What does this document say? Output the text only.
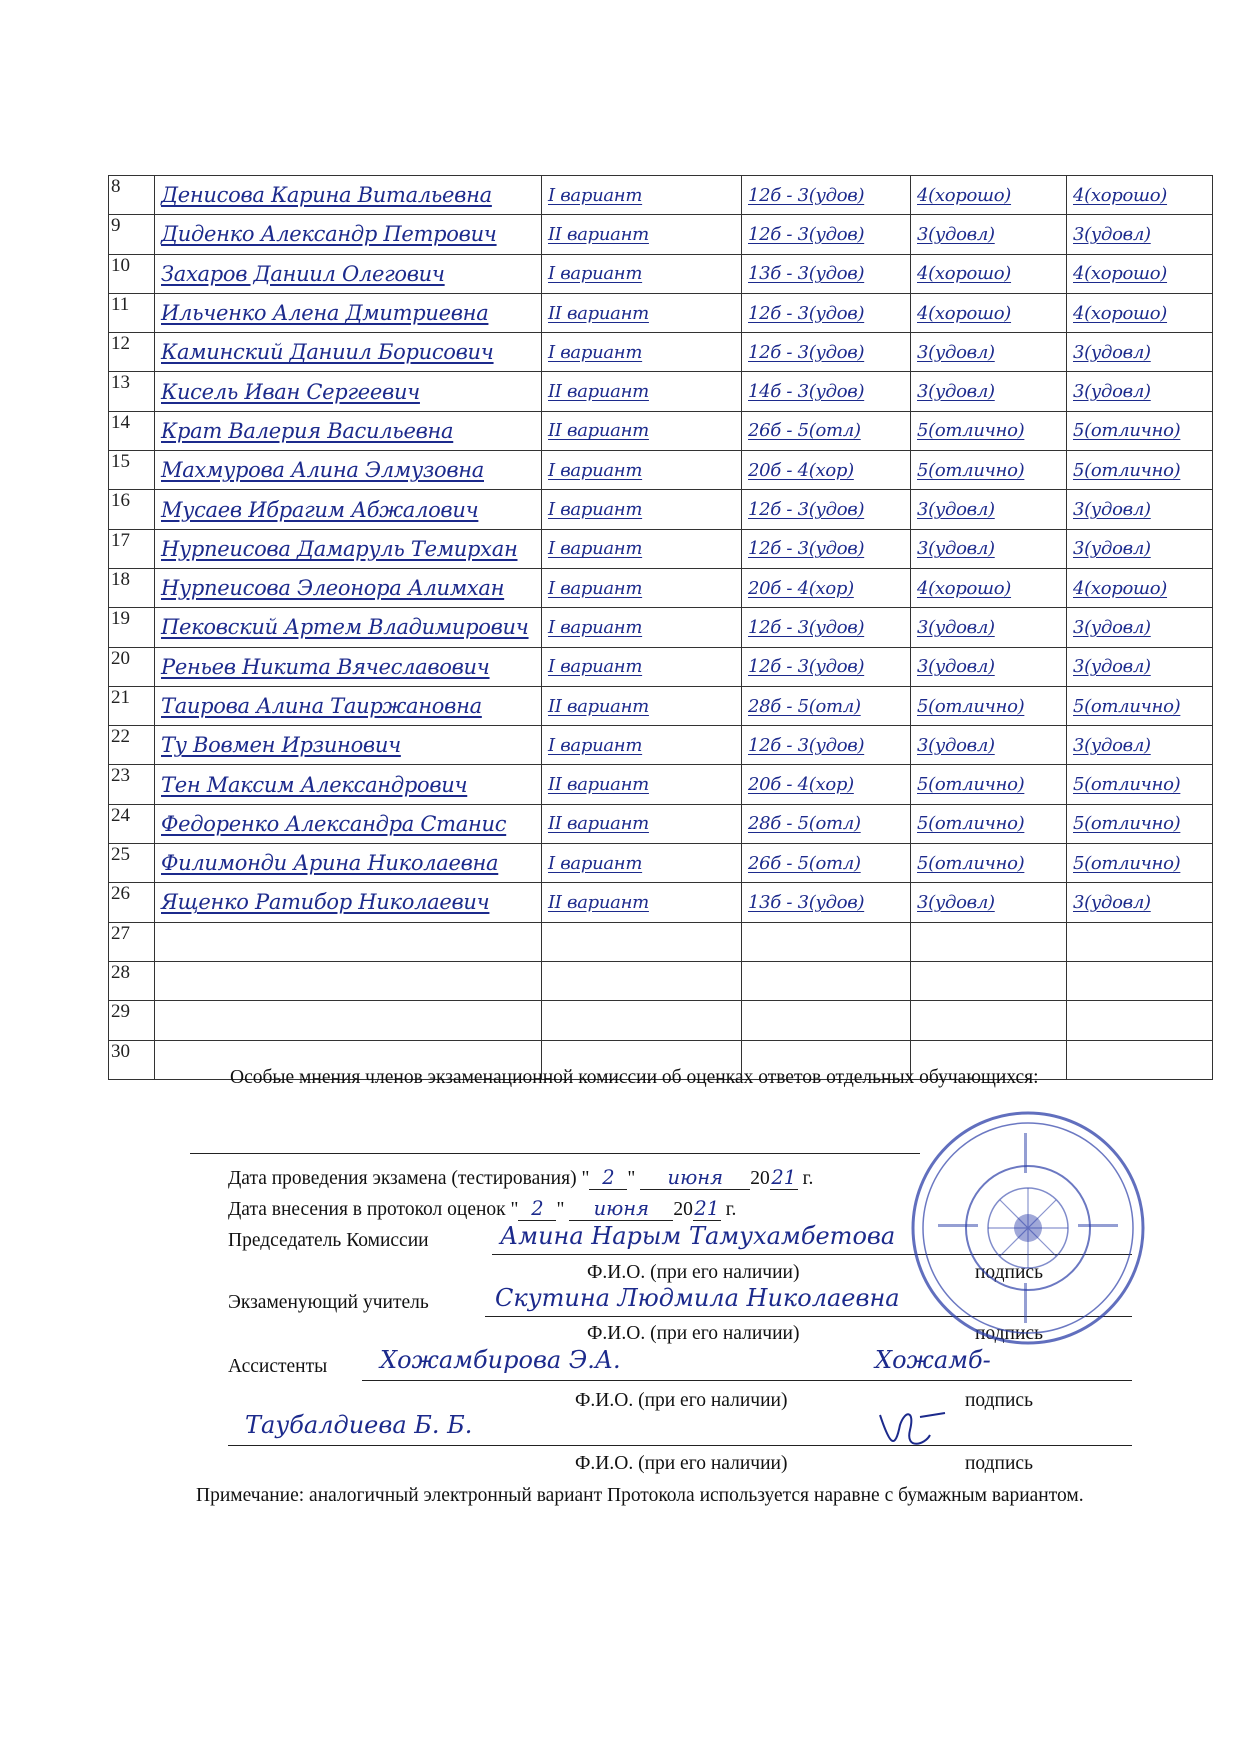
8	Денисова Карина Витальевна	I вариант	12б - 3(удов)	4(хорошо)	4(хорошо)

9	Диденко Александр Петрович	II вариант	12б - 3(удов)	3(удовл)	3(удовл)

10	Захаров Даниил Олегович	I вариант	13б - 3(удов)	4(хорошо)	4(хорошо)

11	Ильченко Алена Дмитриевна	II вариант	12б - 3(удов)	4(хорошо)	4(хорошо)

12	Каминский Даниил Борисович	I вариант	12б - 3(удов)	3(удовл)	3(удовл)

13	Кисель Иван Сергеевич	II вариант	14б - 3(удов)	3(удовл)	3(удовл)

14	Крат Валерия Васильевна	II вариант	26б - 5(отл)	5(отлично)	5(отлично)

15	Махмурова Алина Элмузовна	I вариант	20б - 4(хор)	5(отлично)	5(отлично)

16	Мусаев Ибрагим Абжалович	I вариант	12б - 3(удов)	3(удовл)	3(удовл)

17	Нурпеисова Дамаруль Темирхан	I вариант	12б - 3(удов)	3(удовл)	3(удовл)

18	Нурпеисова Элеонора Алимхан	I вариант	20б - 4(хор)	4(хорошо)	4(хорошо)

19	Пековский Артем Владимирович	I вариант	12б - 3(удов)	3(удовл)	3(удовл)

20	Реньев Никита Вячеславович	I вариант	12б - 3(удов)	3(удовл)	3(удовл)

21	Таирова Алина Таиржановна	II вариант	28б - 5(отл)	5(отлично)	5(отлично)

22	Ту Вовмен Ирзинович	I вариант	12б - 3(удов)	3(удовл)	3(удовл)

23	Тен Максим Александрович	II вариант	20б - 4(хор)	5(отлично)	5(отлично)

24	Федоренко Александра Станис	II вариант	28б - 5(отл)	5(отлично)	5(отлично)

25	Филимонди Арина Николаевна	I вариант	26б - 5(отл)	5(отлично)	5(отлично)

26	Ященко Ратибор Николаевич	II вариант	13б - 3(удов)	3(удовл)	3(удовл)

27	

28	

29	

30	

Особые мнения членов экзаменационной комиссии об оценках ответов отдельных обучающихся:
Дата проведения экзамена (тестирования) " 2 " июня 2021 г.
Дата внесения в протокол оценок " 2 " июня 2021 г.
Председатель Комиссии	Амина Нарым Тамухамбетова
Ф.И.О. (при его наличии)	подпись
Экзаменующий учитель	Скутина Людмила Николаевна
Ф.И.О. (при его наличии)	подпись
Ассистенты Хожамбирова Э.А.	Хожамб-
Ф.И.О. (при его наличии)	подпись
Таубалдиева Б. Б.
Ф.И.О. (при его наличии)	подпись
Примечание: аналогичный электронный вариант Протокола используется наравне с бумажным вариантом.
